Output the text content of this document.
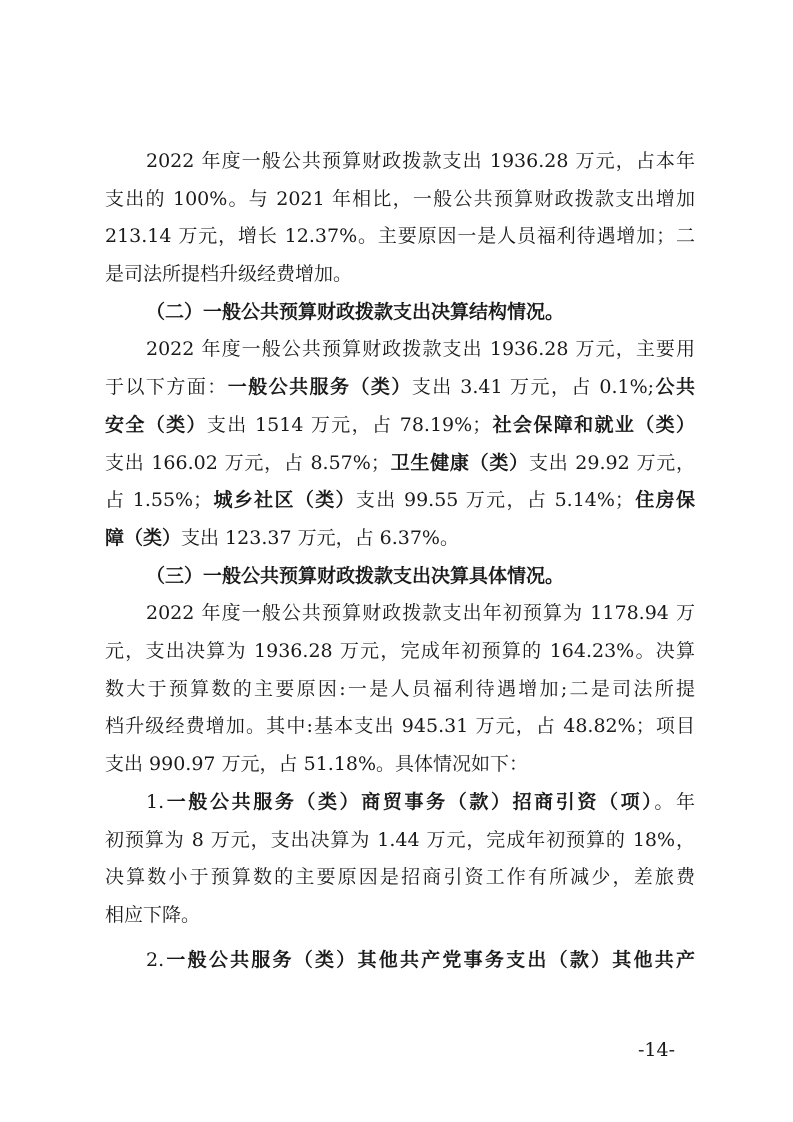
2022 年度一般公共预算财政拨款支出 1936.28 万元，占本年
支出的 100%。与 2021 年相比，一般公共预算财政拨款支出增加
213.14 万元，增长 12.37%。主要原因一是人员福利待遇增加；二
是司法所提档升级经费增加。
（二）一般公共预算财政拨款支出决算结构情况。
2022 年度一般公共预算财政拨款支出 1936.28 万元，主要用
于以下方面：一般公共服务（类）支出 3.41 万元，占 0.1%;公共
安全（类）支出 1514 万元，占 78.19%；社会保障和就业（类）
支出 166.02 万元，占 8.57%；卫生健康（类）支出 29.92 万元，
占 1.55%；城乡社区（类）支出 99.55 万元，占 5.14%；住房保
障（类）支出 123.37 万元，占 6.37%。
（三）一般公共预算财政拨款支出决算具体情况。
2022 年度一般公共预算财政拨款支出年初预算为 1178.94 万
元，支出决算为 1936.28 万元，完成年初预算的 164.23%。决算
数大于预算数的主要原因:一是人员福利待遇增加;二是司法所提
档升级经费增加。其中:基本支出 945.31 万元，占 48.82%；项目
支出 990.97 万元，占 51.18%。具体情况如下：
1.一般公共服务（类）商贸事务（款）招商引资（项）。年
初预算为 8 万元，支出决算为 1.44 万元，完成年初预算的 18%，
决算数小于预算数的主要原因是招商引资工作有所减少，差旅费
相应下降。
2.一般公共服务（类）其他共产党事务支出（款）其他共产
-14-
